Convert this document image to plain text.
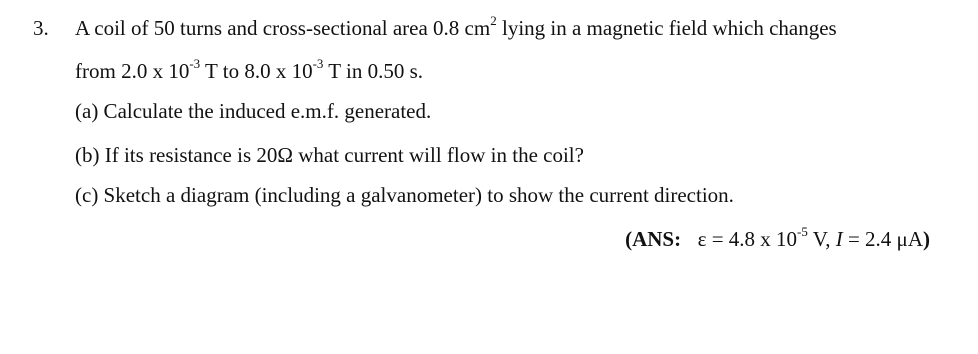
3. A coil of 50 turns and cross-sectional area 0.8 $cm^2$ lying in a magnetic field which changes
from 2.0 x $10^{-3}$ T to 8.0 x $10^{-3}$ T in 0.50 s.
(a) Calculate the induced e.m.f. generated.
(b) If its resistance is 20Ω what current will flow in the coil?
(c) Sketch a diagram (including a galvanometer) to show the current direction.
(ANS: ε = 4.8 x $10^{-5}$ V, I = 2.4 μA)
